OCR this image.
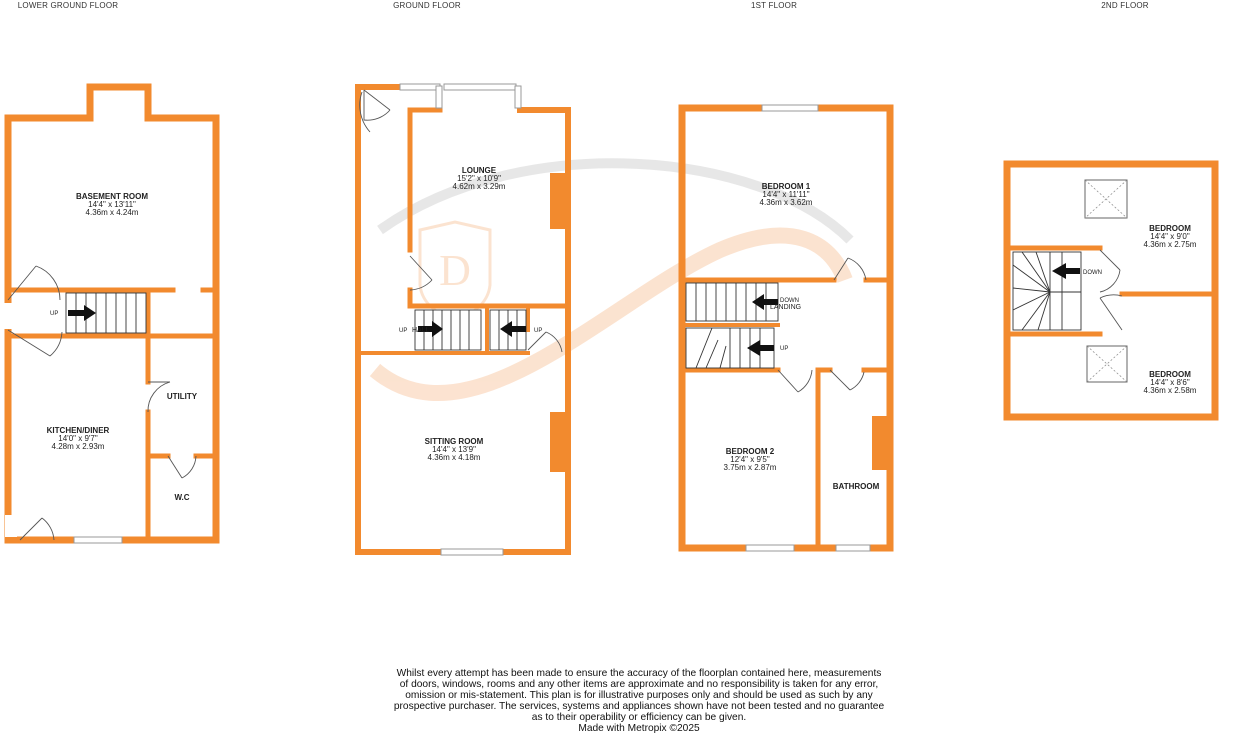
D
LOWER GROUND FLOOR	GROUND FLOOR	1ST FLOOR	2ND FLOOR
UP
BASEMENT ROOM
14'4" x 13'11"
4.36m x 4.24m
KITCHEN/DINER
14'0" x 9'7"
4.28m x 2.93m
UTILITY
W.C
UP	UP
HALL
LOUNGE
15'2" x 10'9"
4.62m x 3.29m
SITTING ROOM
14'4" x 13'9"
4.36m x 4.18m
DOWN
LANDING
UP
BEDROOM 1
14'4" x 11'11"
4.36m x 3.62m
BEDROOM 2
12'4" x 9'5"
3.75m x 2.87m
BATHROOM
DOWN
BEDROOM
14'4" x 9'0"
4.36m x 2.75m
BEDROOM
14'4" x 8'6"
4.36m x 2.58m
Whilst every attempt has been made to ensure the accuracy of the floorplan contained here, measurements
of doors, windows, rooms and any other items are approximate and no responsibility is taken for any error,
omission or mis-statement. This plan is for illustrative purposes only and should be used as such by any
prospective purchaser. The services, systems and appliances shown have not been tested and no guarantee
as to their operability or efficiency can be given.
Made with Metropix ©2025
